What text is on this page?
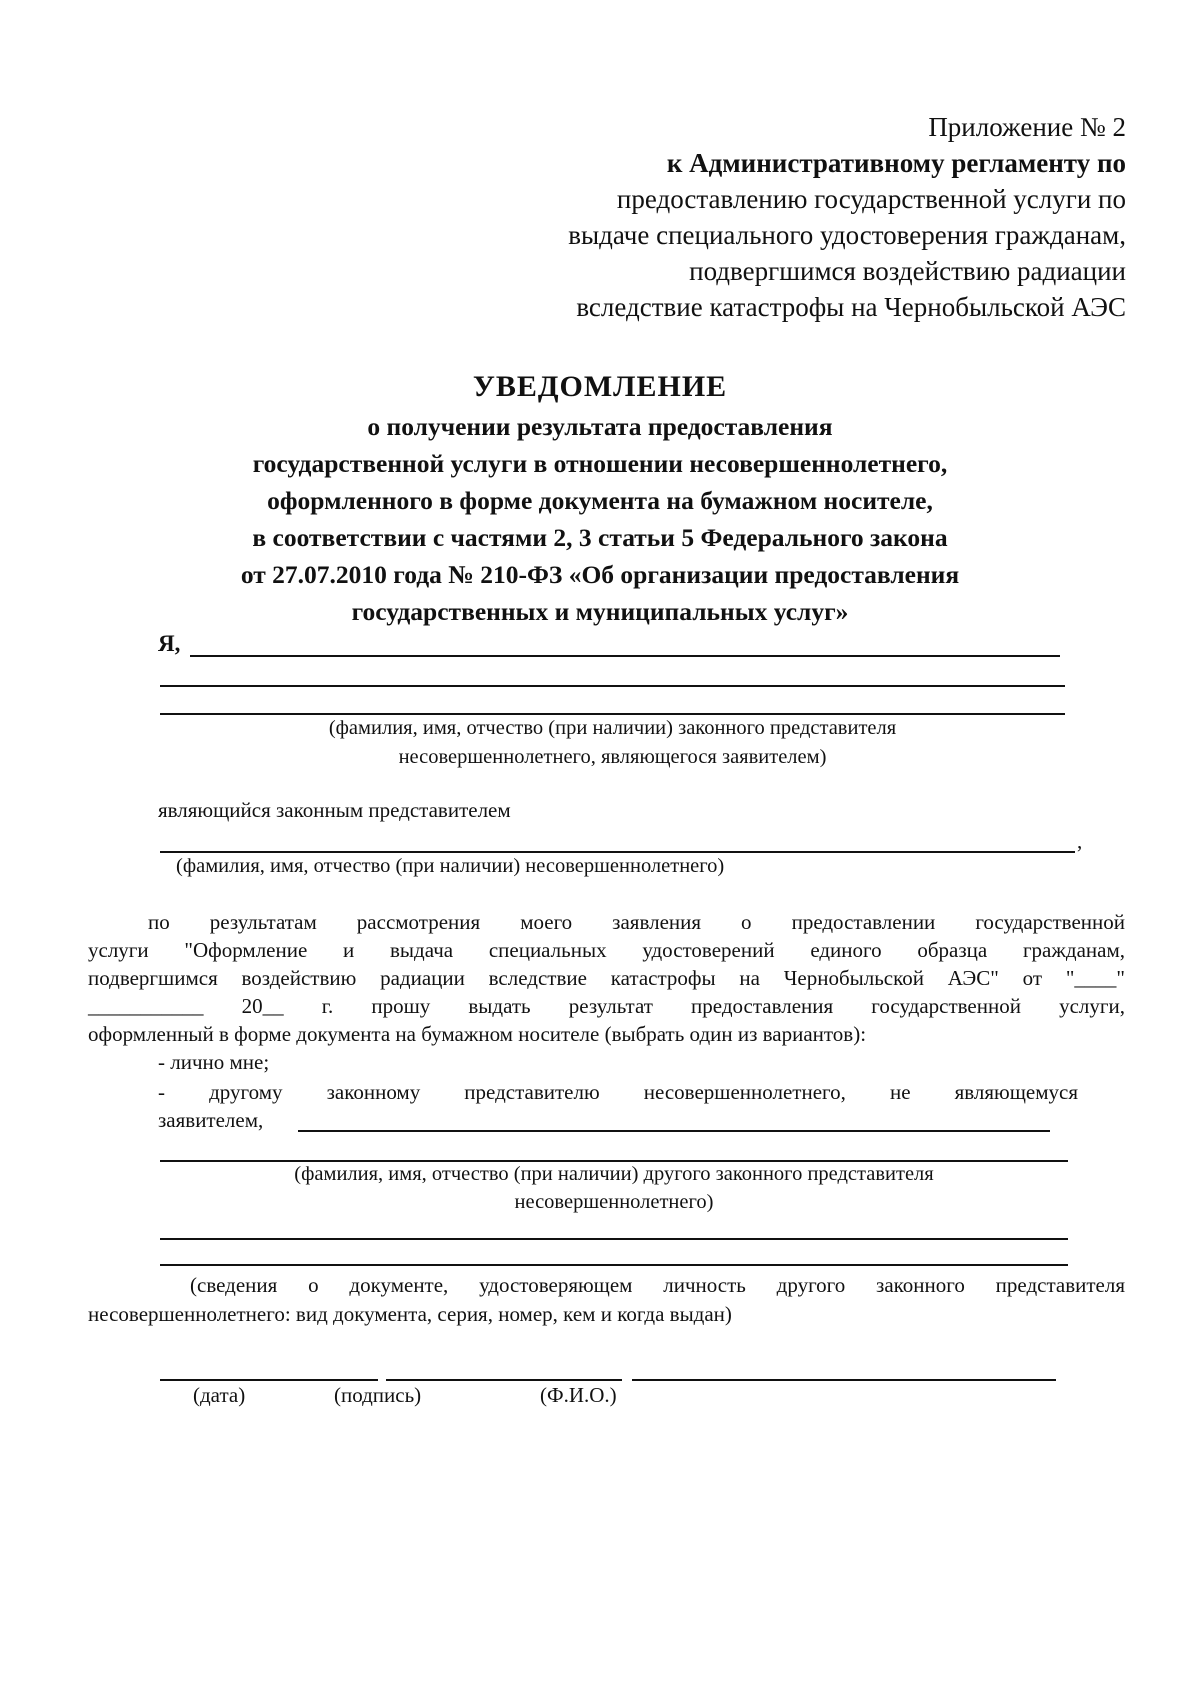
Приложение № 2
к Административному регламенту по
предоставлению государственной услуги по
выдаче специального удостоверения гражданам,
подвергшимся воздействию радиации
вследствие катастрофы на Чернобыльской АЭС
УВЕДОМЛЕНИЕ
о получении результата предоставления
государственной услуги в отношении несовершеннолетнего,
оформленного в форме документа на бумажном носителе,
в соответствии с частями 2, 3 статьи 5 Федерального закона
от 27.07.2010 года № 210-ФЗ «Об организации предоставления
государственных и муниципальных услуг»
Я,
(фамилия, имя, отчество (при наличии) законного представителя
несовершеннолетнего, являющегося заявителем)
являющийся законным представителем
,
(фамилия, имя, отчество (при наличии) несовершеннолетнего)
по результатам рассмотрения моего заявления о предоставлении государственной
услуги "Оформление и выдача специальных удостоверений единого образца гражданам,
подвергшимся воздействию радиации вследствие катастрофы на Чернобыльской АЭС" от "____"
___________ 20__ г. прошу выдать результат предоставления государственной услуги,
оформленный в форме документа на бумажном носителе (выбрать один из вариантов):
- лично мне;
- другому законному представителю несовершеннолетнего, не являющемуся
заявителем,
(фамилия, имя, отчество (при наличии) другого законного представителя
несовершеннолетнего)
(сведения о документе, удостоверяющем личность другого законного представителя
несовершеннолетнего: вид документа, серия, номер, кем и когда выдан)
(дата)	(подпись)	(Ф.И.О.)
